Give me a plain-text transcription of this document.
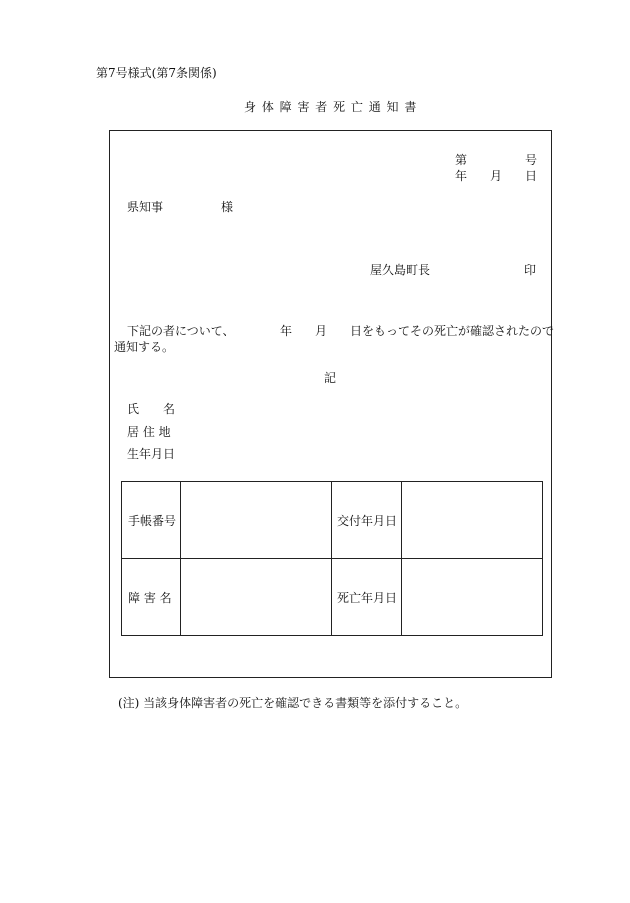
第7号様式(第7条関係)
身 体 障 害 者 死 亡 通 知 書
第	号
年 月 日
県知事	様
屋久島町長	印
下記の者について、	年 月 日をもってその死亡が確認されたので
通知する。
記
氏　　名
居 住 地
生年月日
手帳番号		交付年月日	
障 害 名		死亡年月日	
(注) 当該身体障害者の死亡を確認できる書類等を添付すること。
